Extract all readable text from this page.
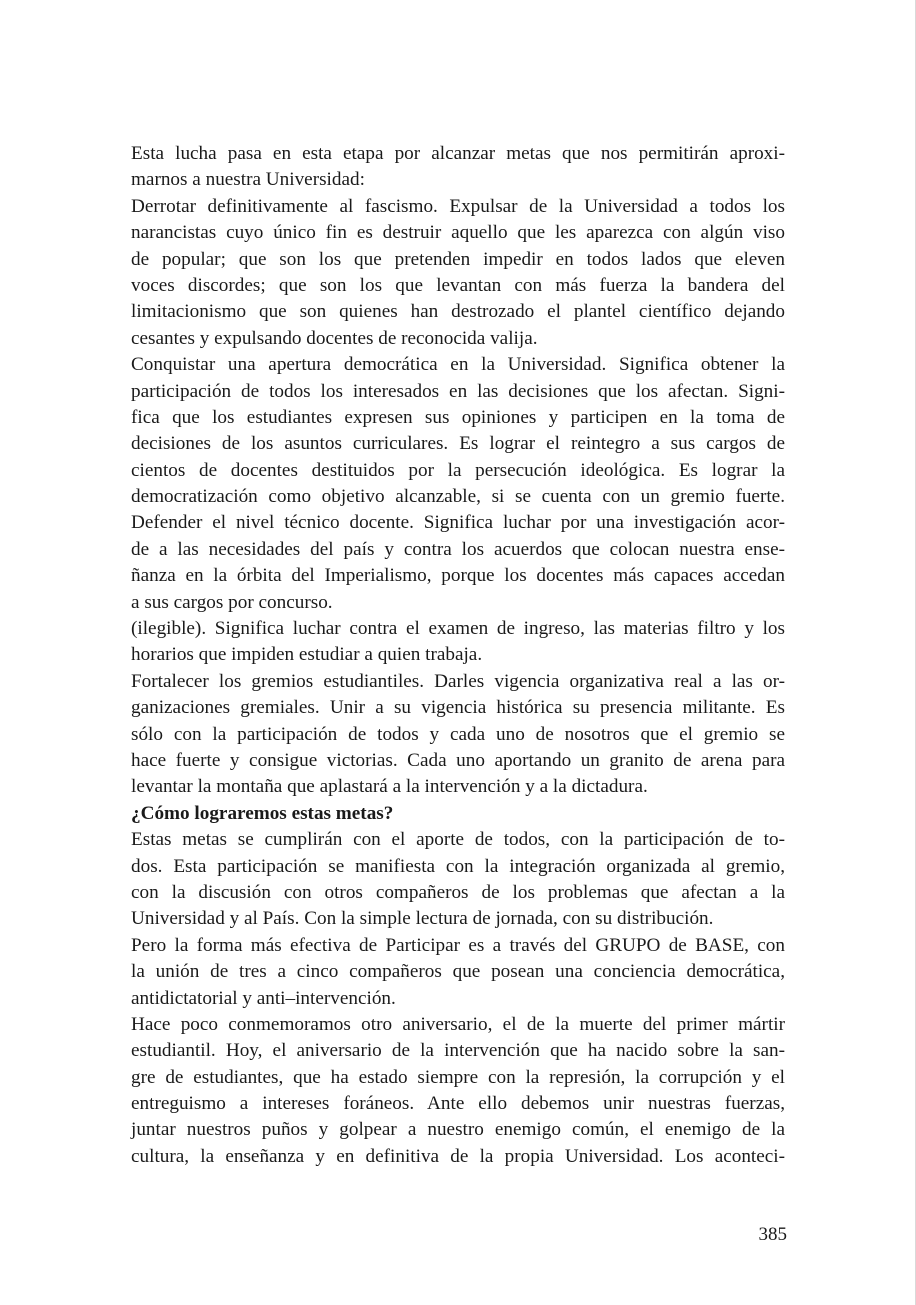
Esta lucha pasa en esta etapa por alcanzar metas que nos permitirán aproxi-
marnos a nuestra Universidad:
Derrotar definitivamente al fascismo. Expulsar de la Universidad a todos los
narancistas cuyo único fin es destruir aquello que les aparezca con algún viso
de popular; que son los que pretenden impedir en todos lados que eleven
voces discordes; que son los que levantan con más fuerza la bandera del
limitacionismo que son quienes han destrozado el plantel científico dejando
cesantes y expulsando docentes de reconocida valija.
Conquistar una apertura democrática en la Universidad. Significa obtener la
participación de todos los interesados en las decisiones que los afectan. Signi-
fica que los estudiantes expresen sus opiniones y participen en la toma de
decisiones de los asuntos curriculares. Es lograr el reintegro a sus cargos de
cientos de docentes destituidos por la persecución ideológica. Es lograr la
democratización como objetivo alcanzable, si se cuenta con un gremio fuerte.
Defender el nivel técnico docente. Significa luchar por una investigación acor-
de a las necesidades del país y contra los acuerdos que colocan nuestra ense-
ñanza en la órbita del Imperialismo, porque los docentes más capaces accedan
a sus cargos por concurso.
(ilegible). Significa luchar contra el examen de ingreso, las materias filtro y los
horarios que impiden estudiar a quien trabaja.
Fortalecer los gremios estudiantiles. Darles vigencia organizativa real a las or-
ganizaciones gremiales. Unir a su vigencia histórica su presencia militante. Es
sólo con la participación de todos y cada uno de nosotros que el gremio se
hace fuerte y consigue victorias. Cada uno aportando un granito de arena para
levantar la montaña que aplastará a la intervención y a la dictadura.
¿Cómo lograremos estas metas?
Estas metas se cumplirán con el aporte de todos, con la participación de to-
dos. Esta participación se manifiesta con la integración organizada al gremio,
con la discusión con otros compañeros de los problemas que afectan a la
Universidad y al País. Con la simple lectura de jornada, con su distribución.
Pero la forma más efectiva de Participar es a través del GRUPO de BASE, con
la unión de tres a cinco compañeros que posean una conciencia democrática,
antidictatorial y anti–intervención.
Hace poco conmemoramos otro aniversario, el de la muerte del primer mártir
estudiantil. Hoy, el aniversario de la intervención que ha nacido sobre la san-
gre de estudiantes, que ha estado siempre con la represión, la corrupción y el
entreguismo a intereses foráneos. Ante ello debemos unir nuestras fuerzas,
juntar nuestros puños y golpear a nuestro enemigo común, el enemigo de la
cultura, la enseñanza y en definitiva de la propia Universidad. Los aconteci-
385
